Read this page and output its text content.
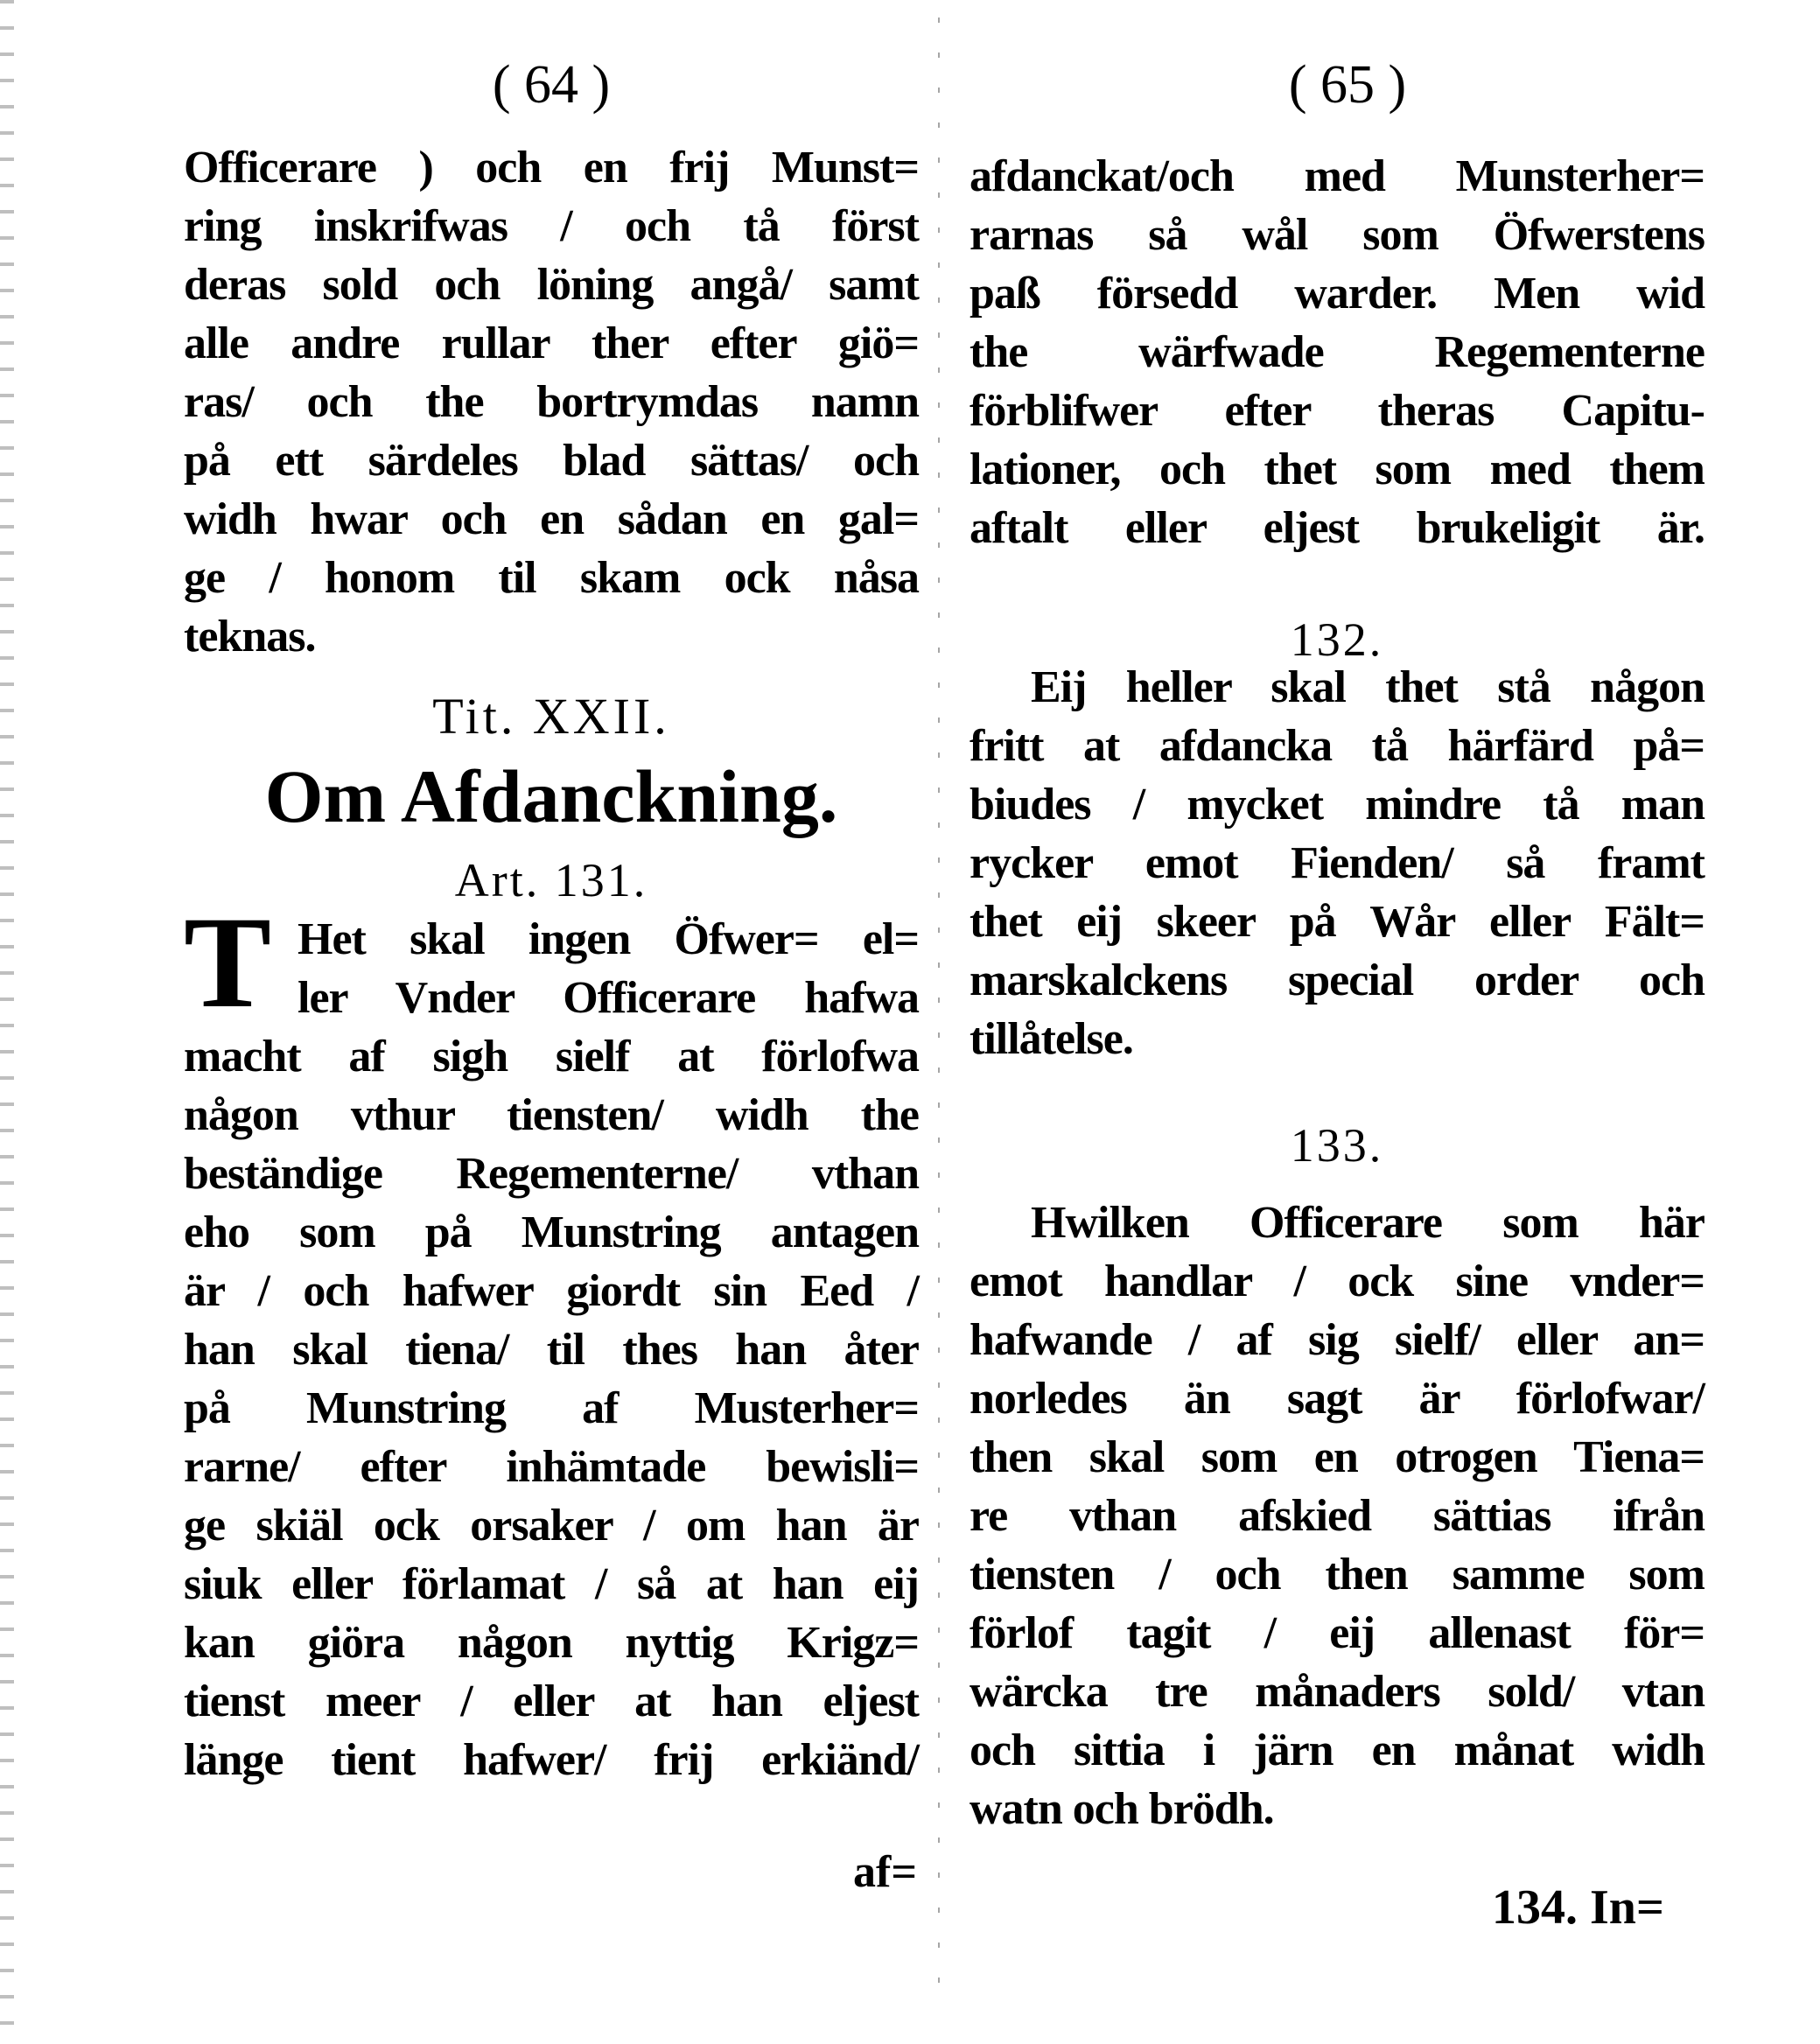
( 64 )
Officerare ) och en frij Munst=
ring inskrifwas / och tå först
deras sold och löning angå/ samt
alle andre rullar ther efter giö=
ras/ och the bortrymdas namn
på ett särdeles blad sättas/ och
widh hwar och en sådan en gal=
ge / honom til skam ock nåsa
teknas.
Tit. XXII.
Om Afdanckning.
Art. 131.
T Het skal ingen Öfwer= el=
ler Vnder Officerare hafwa
macht af sigh sielf at förlofwa
någon vthur tiensten/ widh the
beständige Regementerne/ vthan
eho som på Munstring antagen
är / och hafwer giordt sin Eed /
han skal tiena/ til thes han åter
på Munstring af Musterher=
rarne/ efter inhämtade bewisli=
ge skiäl ock orsaker / om han är
siuk eller förlamat / så at han eij
kan giöra någon nyttig Krigz=
tienst meer / eller at han eljest
länge tient hafwer/ frij erkiänd/
af=
( 65 )
afdanckat/och med Munsterher=
rarnas så wål som Öfwerstens
paß försedd warder. Men wid
the wärfwade Regementerne
förblifwer efter theras Capitu-
lationer, och thet som med them
aftalt eller eljest brukeligit är.
132.
Eij heller skal thet stå någon
fritt at afdancka tå härfärd på=
biudes / mycket mindre tå man
rycker emot Fienden/ så framt
thet eij skeer på Wår eller Fält=
marskalckens special order och
tillåtelse.
133.
Hwilken Officerare som här
emot handlar / ock sine vnder=
hafwande / af sig sielf/ eller an=
norledes än sagt är förlofwar/
then skal som en otrogen Tiena=
re vthan afskied sättias ifrån
tiensten / och then samme som
förlof tagit / eij allenast för=
wärcka tre månaders sold/ vtan
och sittia i järn en månat widh
watn och brödh.
134. In=
